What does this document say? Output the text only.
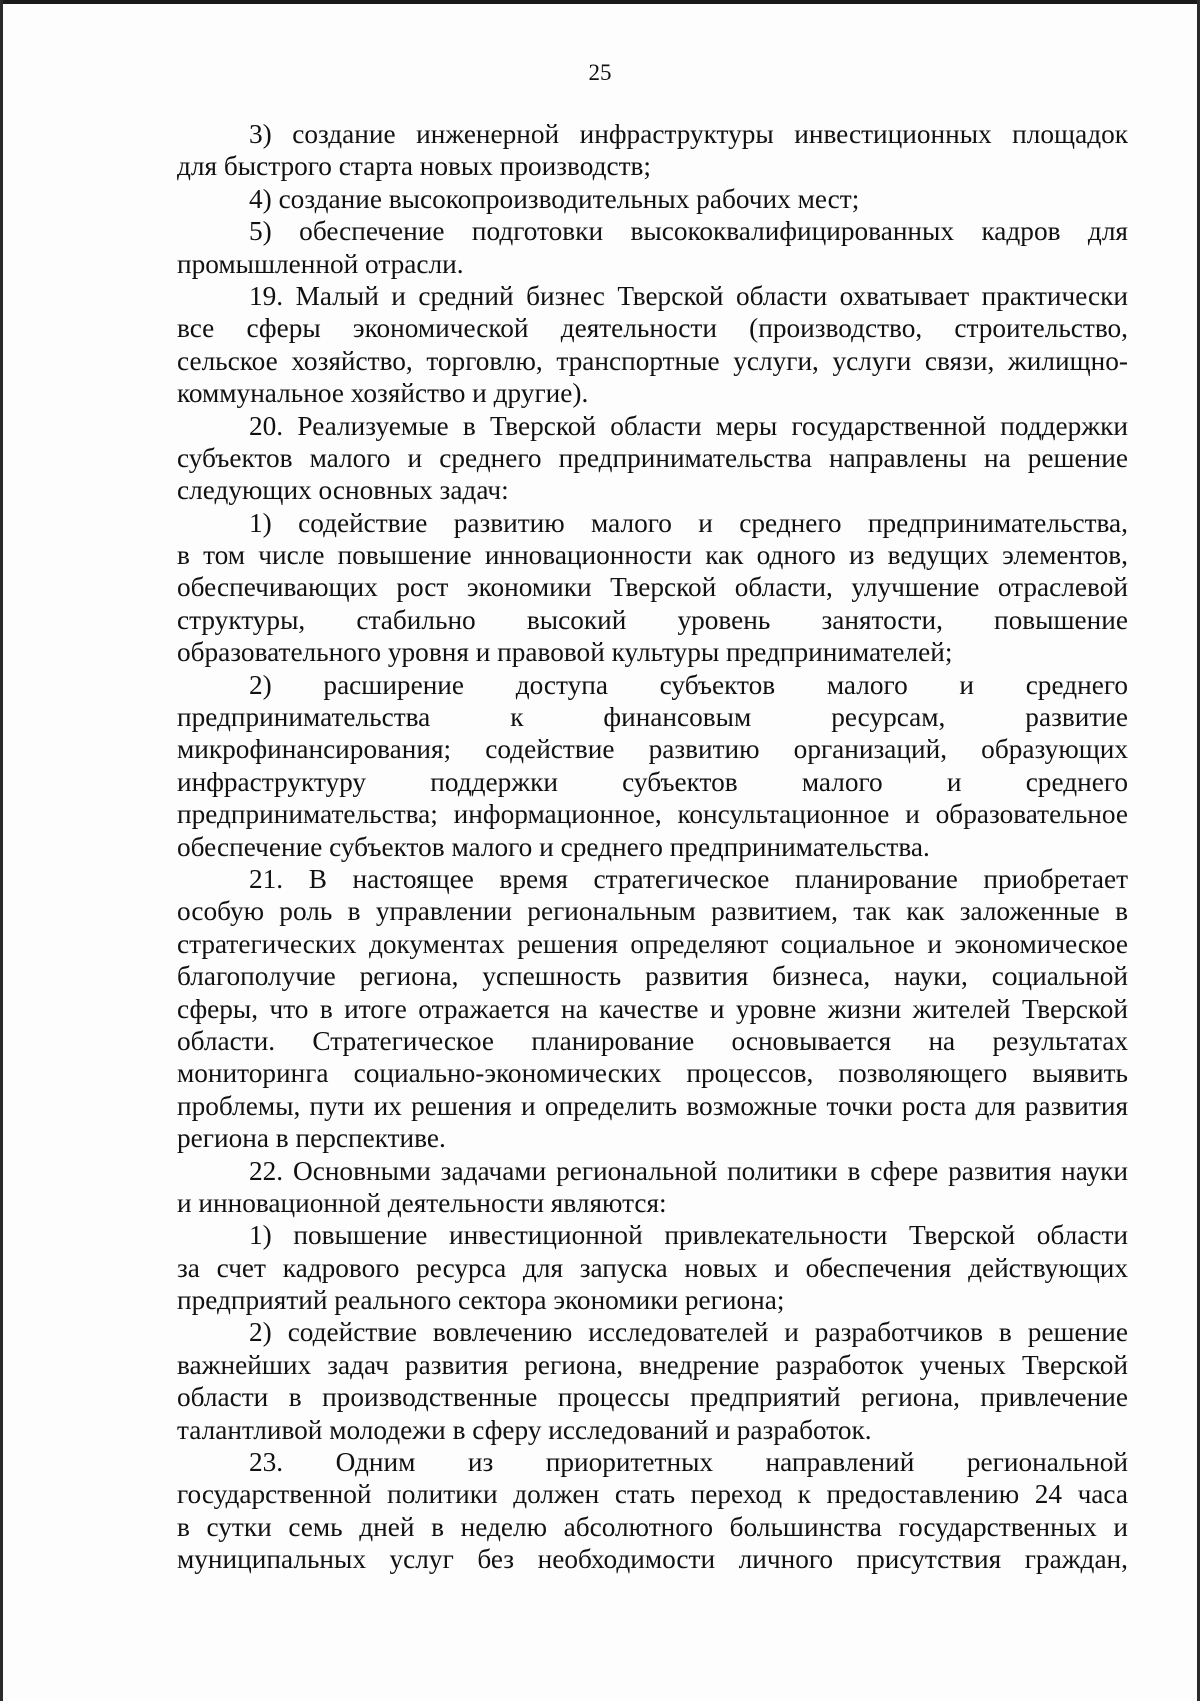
25
3) создание инженерной инфраструктуры инвестиционных площадок
для быстрого старта новых производств;
4) создание высокопроизводительных рабочих мест;
5) обеспечение подготовки высококвалифицированных кадров для
промышленной отрасли.
19. Малый и средний бизнес Тверской области охватывает практически
все сферы экономической деятельности (производство, строительство,
сельское хозяйство, торговлю, транспортные услуги, услуги связи, жилищно-
коммунальное хозяйство и другие).
20. Реализуемые в Тверской области меры государственной поддержки
субъектов малого и среднего предпринимательства направлены на решение
следующих основных задач:
1) содействие развитию малого и среднего предпринимательства,
в том числе повышение инновационности как одного из ведущих элементов,
обеспечивающих рост экономики Тверской области, улучшение отраслевой
структуры, стабильно высокий уровень занятости, повышение
образовательного уровня и правовой культуры предпринимателей;
2) расширение доступа субъектов малого и среднего
предпринимательства к финансовым ресурсам, развитие
микрофинансирования; содействие развитию организаций, образующих
инфраструктуру поддержки субъектов малого и среднего
предпринимательства; информационное, консультационное и образовательное
обеспечение субъектов малого и среднего предпринимательства.
21. В настоящее время стратегическое планирование приобретает
особую роль в управлении региональным развитием, так как заложенные в
стратегических документах решения определяют социальное и экономическое
благополучие региона, успешность развития бизнеса, науки, социальной
сферы, что в итоге отражается на качестве и уровне жизни жителей Тверской
области. Стратегическое планирование основывается на результатах
мониторинга социально-экономических процессов, позволяющего выявить
проблемы, пути их решения и определить возможные точки роста для развития
региона в перспективе.
22. Основными задачами региональной политики в сфере развития науки
и инновационной деятельности являются:
1) повышение инвестиционной привлекательности Тверской области
за счет кадрового ресурса для запуска новых и обеспечения действующих
предприятий реального сектора экономики региона;
2) содействие вовлечению исследователей и разработчиков в решение
важнейших задач развития региона, внедрение разработок ученых Тверской
области в производственные процессы предприятий региона, привлечение
талантливой молодежи в сферу исследований и разработок.
23. Одним из приоритетных направлений региональной
государственной политики должен стать переход к предоставлению 24 часа
в сутки семь дней в неделю абсолютного большинства государственных и
муниципальных услуг без необходимости личного присутствия граждан,
